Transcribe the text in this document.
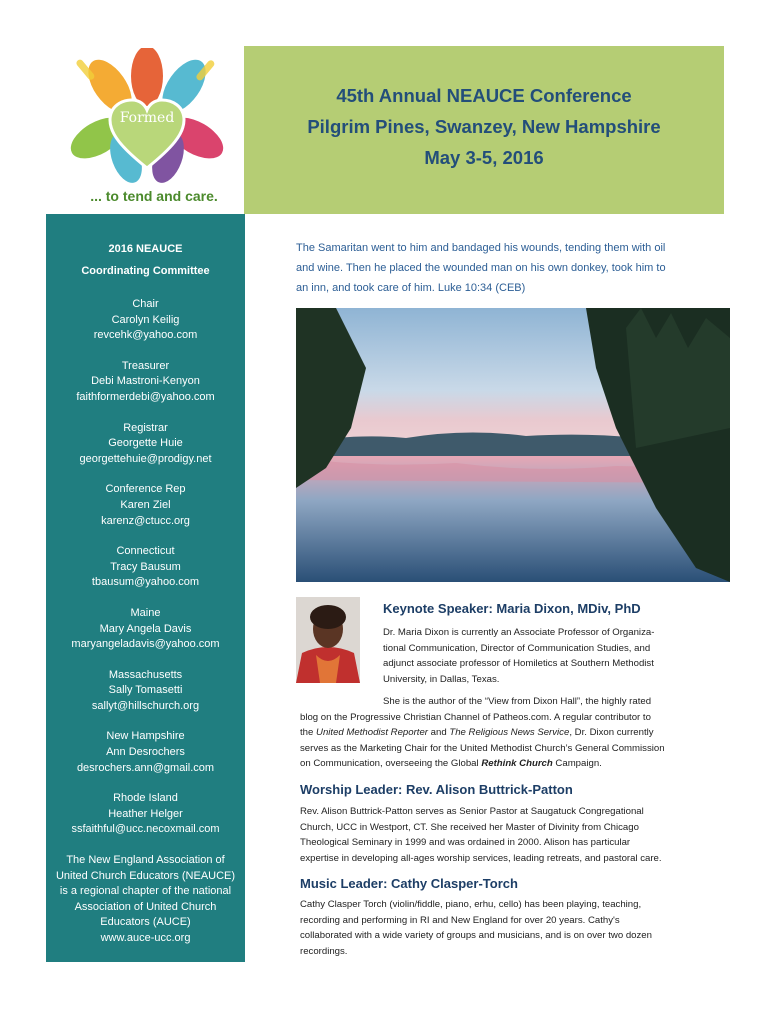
Formed
... to tend and care.
45th Annual NEAUCE Conference
Pilgrim Pines, Swanzey, New Hampshire
May 3-5, 2016
2016 NEAUCE
Coordinating Committee
Chair
Carolyn Keilig
revcehk@yahoo.com
Treasurer
Debi Mastroni-Kenyon
faithformerdebi@yahoo.com
Registrar
Georgette Huie
georgettehuie@prodigy.net
Conference Rep
Karen Ziel
karenz@ctucc.org
Connecticut
Tracy Bausum
tbausum@yahoo.com
Maine
Mary Angela Davis
maryangeladavis@yahoo.com
Massachusetts
Sally Tomasetti
sallyt@hillschurch.org
New Hampshire
Ann Desrochers
desrochers.ann@gmail.com
Rhode Island
Heather Helger
ssfaithful@ucc.necoxmail.com
The New England Association of
United Church Educators (NEAUCE)
is a regional chapter of the national
Association of United Church
Educators (AUCE)
www.auce-ucc.org
The Samaritan went to him and bandaged his wounds, tending them with oil
and wine. Then he placed the wounded man on his own donkey, took him to
an inn, and took care of him. Luke 10:34 (CEB)
Keynote Speaker: Maria Dixon, MDiv, PhD
Dr. Maria Dixon is currently an Associate Professor of Organiza-
tional Communication, Director of Communication Studies, and
adjunct associate professor of Homiletics at Southern Methodist
University, in Dallas, Texas.
She is the author of the “View from Dixon Hall”, the highly rated
blog on the Progressive Christian Channel of Patheos.com. A regular contributor to
the United Methodist Reporter and The Religious News Service, Dr. Dixon currently
serves as the Marketing Chair for the United Methodist Church’s General Commission
on Communication, overseeing the Global Rethink Church Campaign.
Worship Leader: Rev. Alison Buttrick-Patton
Rev. Alison Buttrick-Patton serves as Senior Pastor at Saugatuck Congregational
Church, UCC in Westport, CT. She received her Master of Divinity from Chicago
Theological Seminary in 1999 and was ordained in 2000. Alison has particular
expertise in developing all-ages worship services, leading retreats, and pastoral care.
Music Leader: Cathy Clasper-Torch
Cathy Clasper Torch (violin/fiddle, piano, erhu, cello) has been playing, teaching,
recording and performing in RI and New England for over 20 years. Cathy's
collaborated with a wide variety of groups and musicians, and is on over two dozen
recordings.
